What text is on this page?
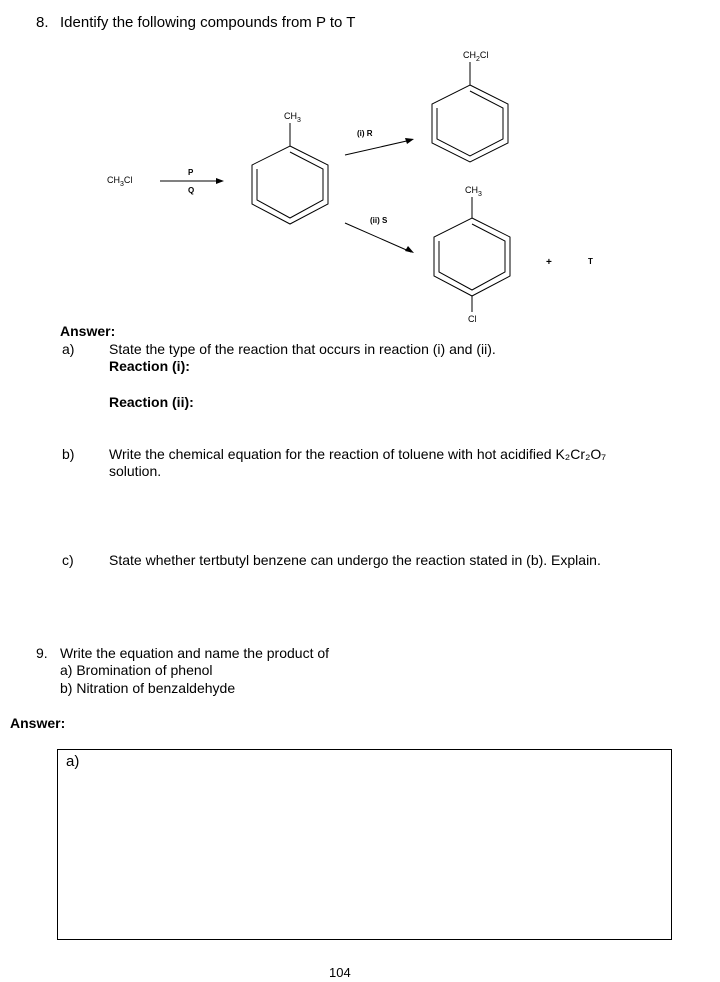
8. Identify the following compounds from P to T
$CH_3Cl$
P
Q
$CH_3$
(i) R
(ii) S
$CH_2Cl$
$CH_3$
Cl
+	T
Answer:
a) State the type of the reaction that occurs in reaction (i) and (ii).
Reaction (i):
Reaction (ii):
b) Write the chemical equation for the reaction of toluene with hot acidified K₂Cr₂O₇
solution.
c)	State whether tertbutyl benzene can undergo the reaction stated in (b). Explain.
9. Write the equation and name the product of
a) Bromination of phenol
b) Nitration of benzaldehyde
Answer:
a)
104
